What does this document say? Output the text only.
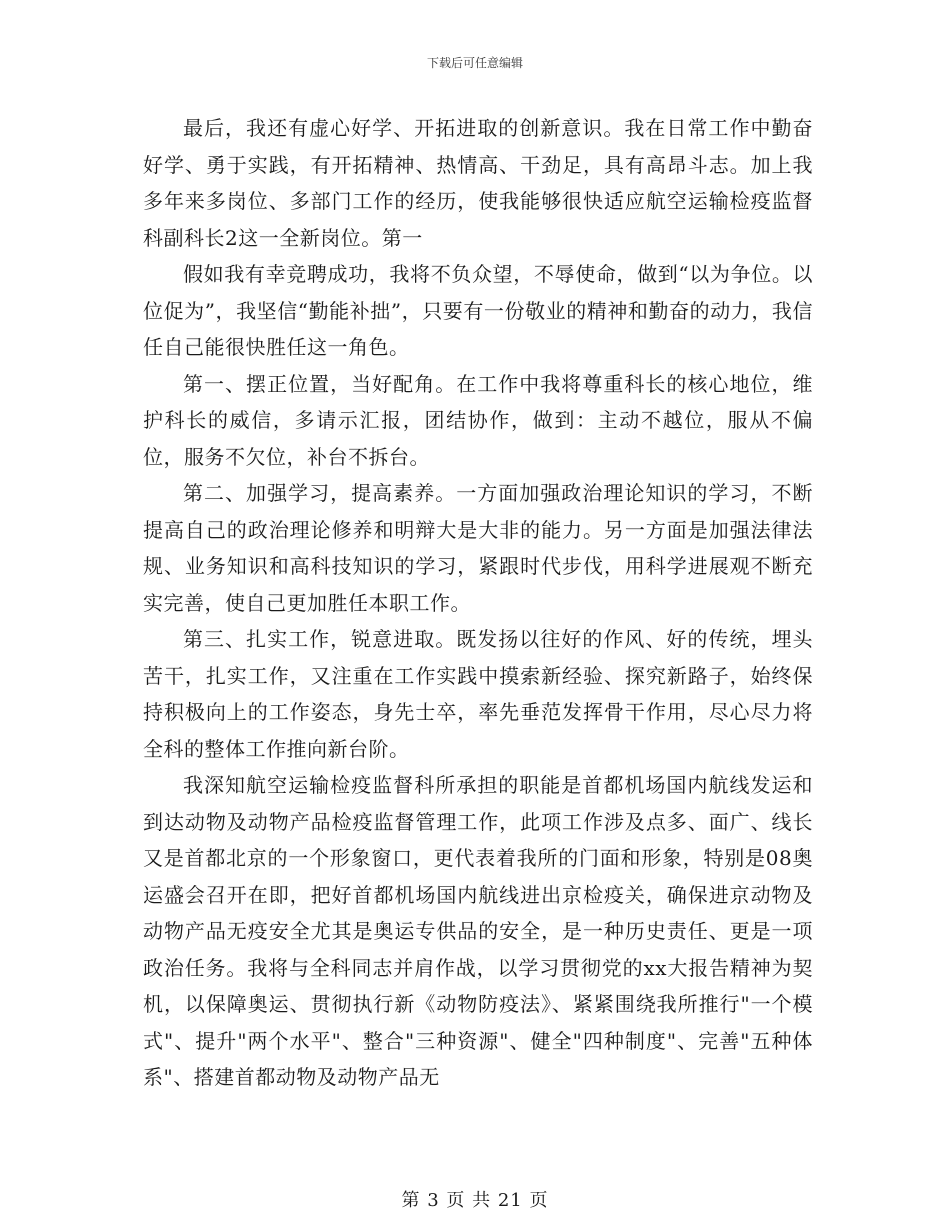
下载后可任意编辑

最后，我还有虚心好学、开拓进取的创新意识。我在日常工作中勤奋好学、勇于实践，有开拓精神、热情高、干劲足，具有高昂斗志。加上我多年来多岗位、多部门工作的经历，使我能够很快适应航空运输检疫监督科副科长2这一全新岗位。第一

假如我有幸竞聘成功，我将不负众望，不辱使命，做到“以为争位。以位促为”，我坚信“勤能补拙”，只要有一份敬业的精神和勤奋的动力，我信任自己能很快胜任这一角色。

第一、摆正位置，当好配角。在工作中我将尊重科长的核心地位，维护科长的威信，多请示汇报，团结协作，做到：主动不越位，服从不偏位，服务不欠位，补台不拆台。

第二、加强学习，提高素养。一方面加强政治理论知识的学习，不断提高自己的政治理论修养和明辩大是大非的能力。另一方面是加强法律法规、业务知识和高科技知识的学习，紧跟时代步伐，用科学进展观不断充实完善，使自己更加胜任本职工作。

第三、扎实工作，锐意进取。既发扬以往好的作风、好的传统，埋头苦干，扎实工作，又注重在工作实践中摸索新经验、探究新路子，始终保持积极向上的工作姿态，身先士卒，率先垂范发挥骨干作用，尽心尽力将全科的整体工作推向新台阶。

我深知航空运输检疫监督科所承担的职能是首都机场国内航线发运和到达动物及动物产品检疫监督管理工作，此项工作涉及点多、面广、线长又是首都北京的一个形象窗口，更代表着我所的门面和形象，特别是08奥运盛会召开在即，把好首都机场国内航线进出京检疫关，确保进京动物及动物产品无疫安全尤其是奥运专供品的安全，是一种历史责任、更是一项政治任务。我将与全科同志并肩作战，以学习贯彻党的xx大报告精神为契机，以保障奥运、贯彻执行新《动物防疫法》、紧紧围绕我所推行"一个模式"、提升"两个水平"、整合"三种资源"、健全"四种制度"、完善"五种体系"、搭建首都动物及动物产品无

第 3 页 共 21 页
